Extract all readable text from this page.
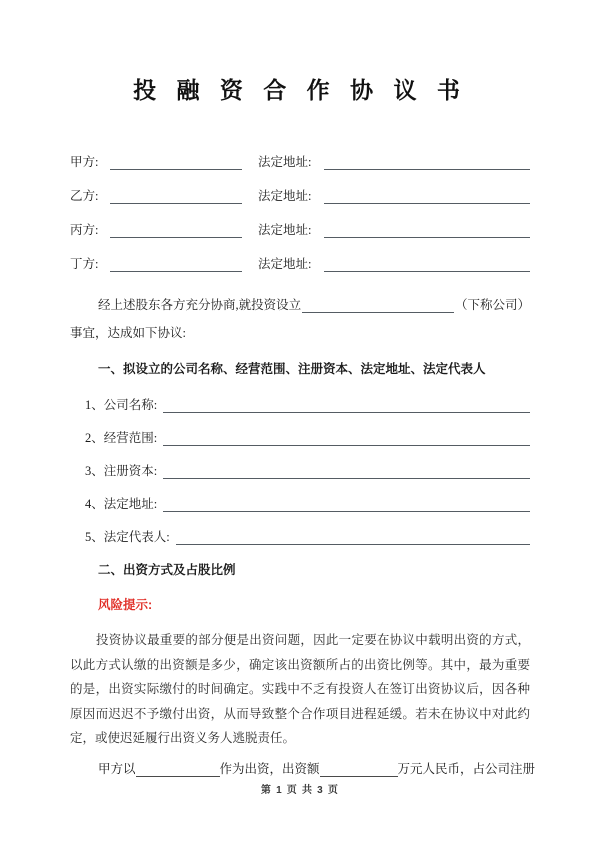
投 融 资 合 作 协 议 书
甲方:	法定地址:
乙方:	法定地址:
丙方:	法定地址:
丁方:	法定地址:
经上述股东各方充分协商,就投资设立	（下称公司）
事宜，达成如下协议:
一、拟设立的公司名称、经营范围、注册资本、法定地址、法定代表人
1、公司名称:
2、经营范围:
3、注册资本:
4、法定地址:
5、法定代表人:
二、出资方式及占股比例
风险提示:
投资协议最重要的部分便是出资问题，因此一定要在协议中载明出资的方式，以此方式认缴的出资额是多少，确定该出资额所占的出资比例等。其中，最为重要的是，出资实际缴付的时间确定。实践中不乏有投资人在签订出资协议后，因各种原因而迟迟不予缴付出资，从而导致整个合作项目进程延缓。若未在协议中对此约定，或使迟延履行出资义务人逃脱责任。
甲方以	作为出资，出资额	万元人民币，占公司注册
第 1 页 共 3 页
